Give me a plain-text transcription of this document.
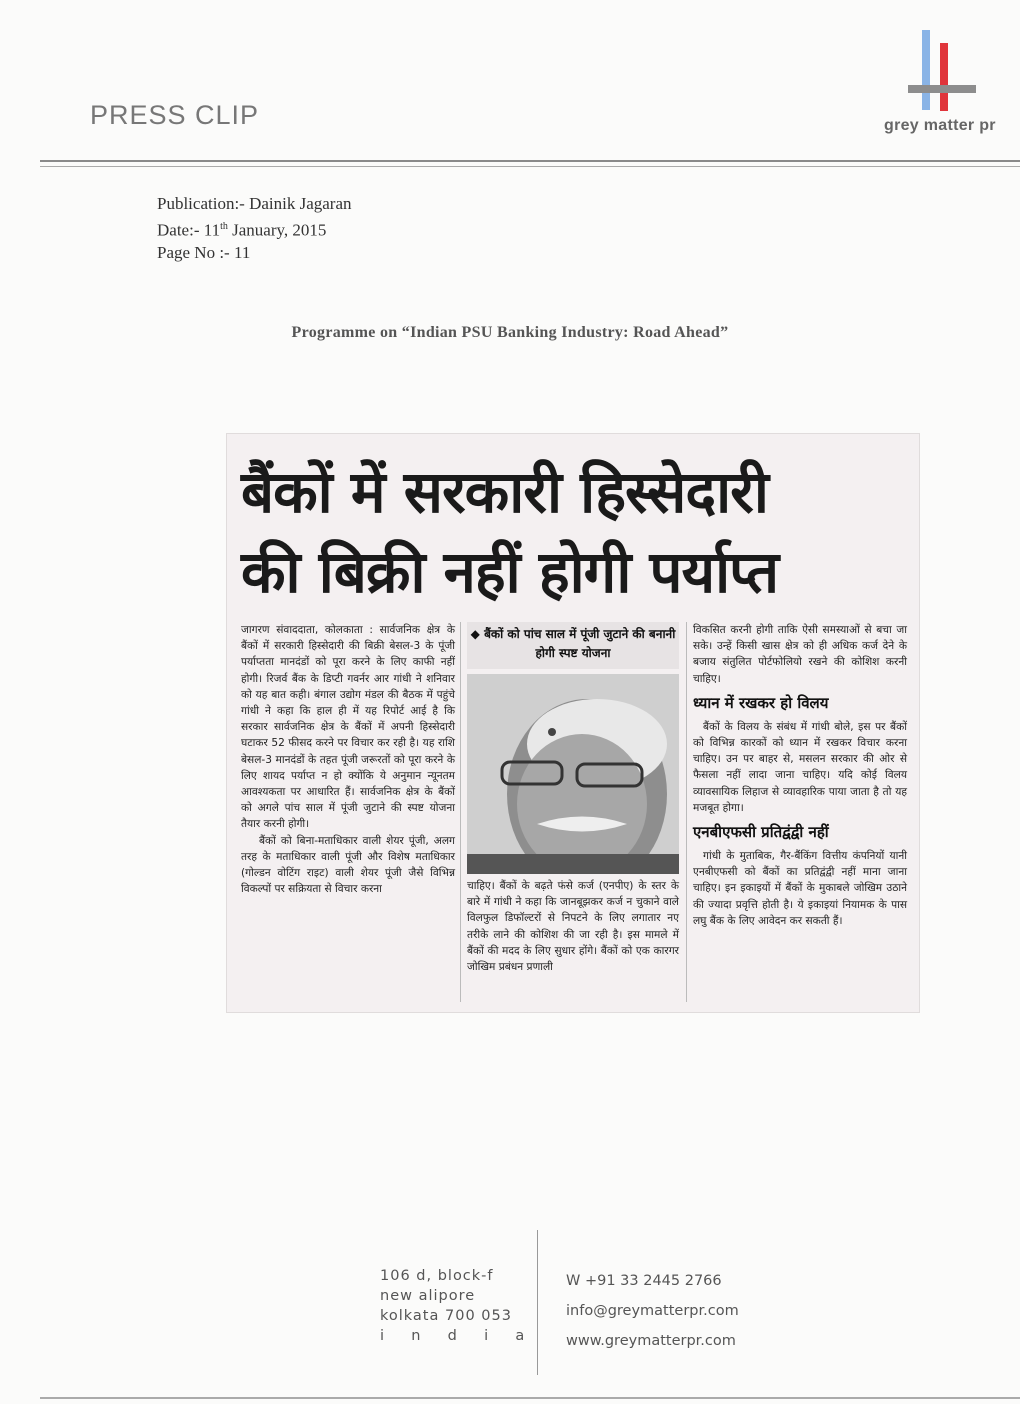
PRESS CLIP	grey matter pr
Publication:- Dainik Jagaran
Date:- 11th January, 2015
Page No :- 11
Programme on “Indian PSU Banking Industry: Road Ahead”
बैंकों में सरकारी हिस्सेदारी
की बिक्री नहीं होगी पर्याप्त
जागरण संवाददाता, कोलकाता : सार्वजनिक क्षेत्र के बैंकों में सरकारी हिस्सेदारी की बिक्री बेसल-3 के पूंजी पर्याप्तता मानदंडों को पूरा करने के लिए काफी नहीं होगी। रिजर्व बैंक के डिप्टी गवर्नर आर गांधी ने शनिवार को यह बात कही। बंगाल उद्योग मंडल की बैठक में पहुंचे गांधी ने कहा कि हाल ही में यह रिपोर्ट आई है कि सरकार सार्वजनिक क्षेत्र के बैंकों में अपनी हिस्सेदारी घटाकर 52 फीसद करने पर विचार कर रही है। यह राशि बेसल-3 मानदंडों के तहत पूंजी जरूरतों को पूरा करने के लिए शायद पर्याप्त न हो क्योंकि ये अनुमान न्यूनतम आवश्यकता पर आधारित हैं। सार्वजनिक क्षेत्र के बैंकों को अगले पांच साल में पूंजी जुटाने की स्पष्ट योजना तैयार करनी होगी।
बैंकों को बिना-मताधिकार वाली शेयर पूंजी, अलग तरह के मताधिकार वाली पूंजी और विशेष मताधिकार (गोल्डन वोटिंग राइट) वाली शेयर पूंजी जैसे विभिन्न विकल्पों पर सक्रियता से विचार करना
◆ बैंकों को पांच साल में पूंजी जुटाने की बनानी होगी स्पष्ट योजना
चाहिए। बैंकों के बढ़ते फंसे कर्ज (एनपीए) के स्तर के बारे में गांधी ने कहा कि जानबूझकर कर्ज न चुकाने वाले विलफुल डिफॉल्टरों से निपटने के लिए लगातार नए तरीके लाने की कोशिश की जा रही है। इस मामले में बैंकों की मदद के लिए सुधार होंगे। बैंकों को एक कारगर जोखिम प्रबंधन प्रणाली
विकसित करनी होगी ताकि ऐसी समस्याओं से बचा जा सके। उन्हें किसी खास क्षेत्र को ही अधिक कर्ज देने के बजाय संतुलित पोर्टफोलियो रखने की कोशिश करनी चाहिए।
ध्यान में रखकर हो विलय
बैंकों के विलय के संबंध में गांधी बोले, इस पर बैंकों को विभिन्न कारकों को ध्यान में रखकर विचार करना चाहिए। उन पर बाहर से, मसलन सरकार की ओर से फैसला नहीं लादा जाना चाहिए। यदि कोई विलय व्यावसायिक लिहाज से व्यावहारिक पाया जाता है तो यह मजबूत होगा।
एनबीएफसी प्रतिद्वंद्वी नहीं
गांधी के मुताबिक, गैर-बैंकिंग वित्तीय कंपनियों यानी एनबीएफसी को बैंकों का प्रतिद्वंद्वी नहीं माना जाना चाहिए। इन इकाइयों में बैंकों के मुकाबले जोखिम उठाने की ज्यादा प्रवृत्ति होती है। ये इकाइयां नियामक के पास लघु बैंक के लिए आवेदन कर सकती हैं।
106 d, block-f
new alipore
kolkata 700 053
i  n  d  i  a
W +91 33 2445 2766
info@greymatterpr.com
www.greymatterpr.com
